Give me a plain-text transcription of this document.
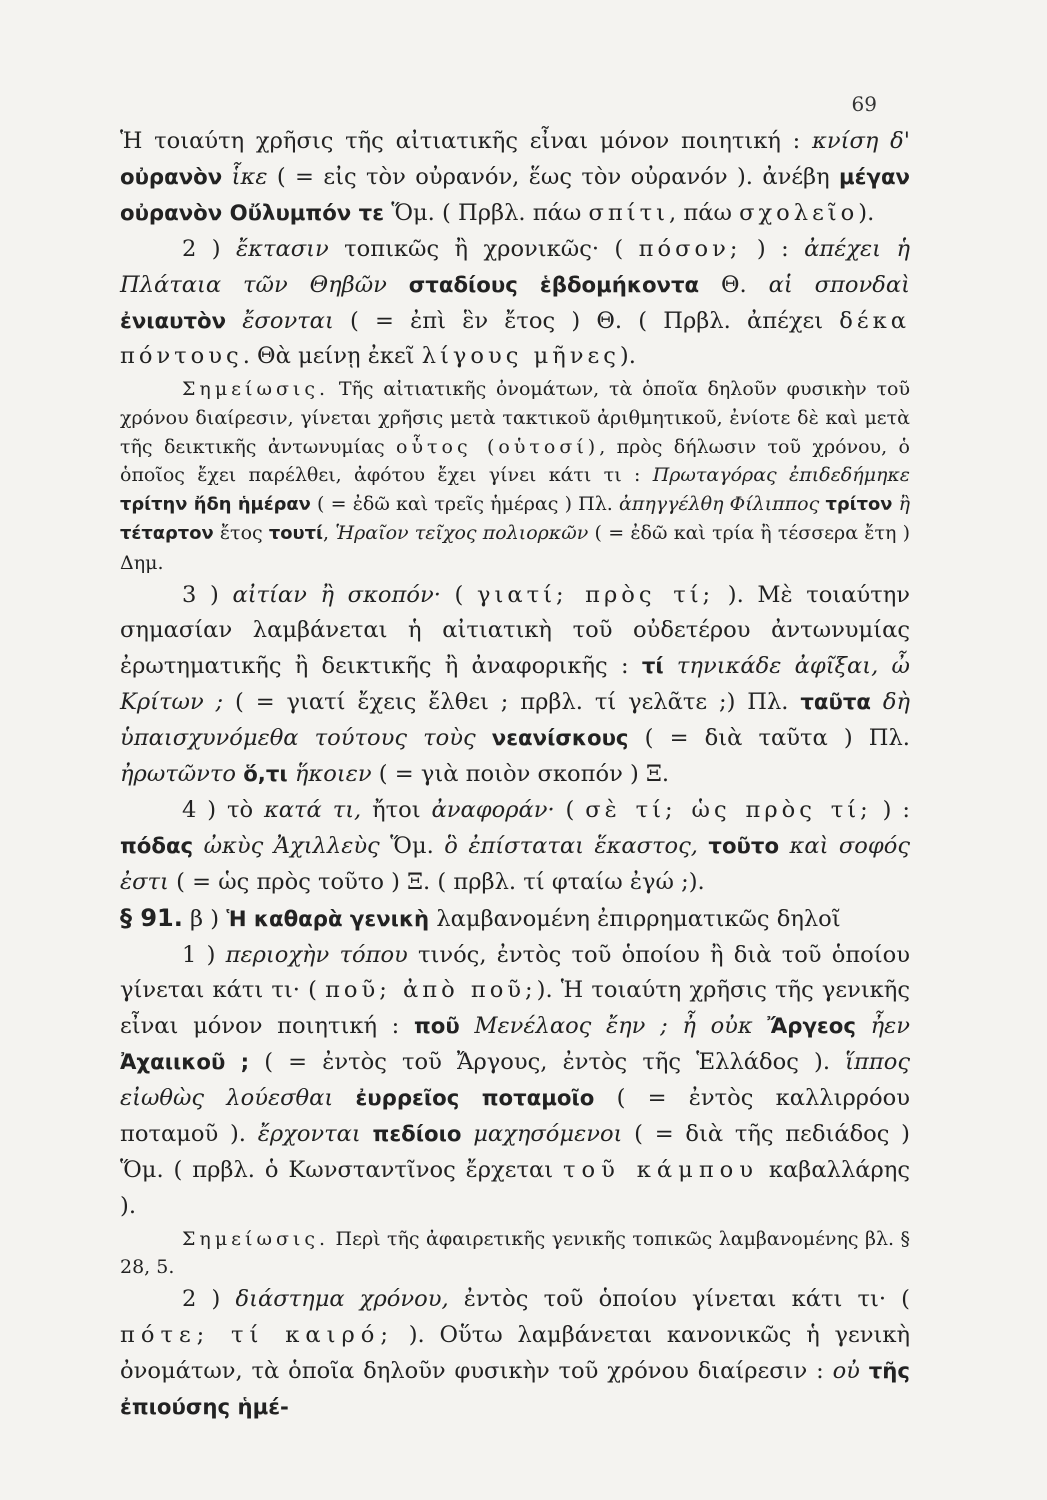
69

Ἡ τοιαύτη χρῆσις τῆς αἰτιατικῆς εἶναι μόνον ποιητική : κνίση δ' οὐρανὸν ἷκε ( = εἰς τὸν οὐρανόν, ἕως τὸν οὐρανόν ). ἀνέβη μέγαν οὐρανὸν Οὔλυμπόν τε Ὅμ. ( Πρβλ. πάω σπίτι, πάω σχολεῖο).

2 ) ἔκτασιν τοπικῶς ἢ χρονικῶς· ( πόσον; ) : ἀπέχει ἡ Πλάταια τῶν Θηβῶν σταδίους ἑβδομήκοντα Θ. αἱ σπονδαὶ ἐνιαυτὸν ἔσονται ( = ἐπὶ ἓν ἔτος ) Θ. ( Πρβλ. ἀπέχει δέκα πόντους. Θὰ μείνῃ ἐκεῖ λίγους μῆνες).

Σημείωσις. Τῆς αἰτιατικῆς ὀνομάτων, τὰ ὁποῖα δηλοῦν φυσικὴν τοῦ χρόνου διαίρεσιν, γίνεται χρῆσις μετὰ τακτικοῦ ἀριθμητικοῦ, ἐνίοτε δὲ καὶ μετὰ τῆς δεικτικῆς ἀντωνυμίας οὗτος (οὑτοσί), πρὸς δήλωσιν τοῦ χρόνου, ὁ ὁποῖος ἔχει παρέλθει, ἀφότου ἔχει γίνει κάτι τι : Πρωταγόρας ἐπιδεδήμηκε τρίτην ἤδη ἡμέραν ( = ἐδῶ καὶ τρεῖς ἡμέρας ) Πλ. ἀπηγγέλθη Φίλιππος τρίτον ἢ τέταρτον ἔτος τουτί, Ἡραῖον τεῖχος πολιορκῶν ( = ἐδῶ καὶ τρία ἢ τέσσερα ἔτη ) Δημ.

3 ) αἰτίαν ἢ σκοπόν· ( γιατί; πρὸς τί; ). Μὲ τοιαύτην σημασίαν λαμβάνεται ἡ αἰτιατικὴ τοῦ οὐδετέρου ἀντωνυμίας ἐρωτηματικῆς ἢ δεικτικῆς ἢ ἀναφορικῆς : τί τηνικάδε ἀφῖξαι, ὦ Κρίτων ; ( = γιατί ἔχεις ἔλθει ; πρβλ. τί γελᾶτε ;) Πλ. ταῦτα δὴ ὑπαισχυνόμεθα τούτους τοὺς νεανίσκους ( = διὰ ταῦτα ) Πλ. ἠρωτῶντο ὅ,τι ἥκοιεν ( = γιὰ ποιὸν σκοπόν ) Ξ.

4 ) τὸ κατά τι, ἤτοι ἀναφοράν· ( σὲ τί; ὡς πρὸς τί; ) : πόδας ὠκὺς Ἀχιλλεὺς Ὅμ. ὃ ἐπίσταται ἕκαστος, τοῦτο καὶ σοφός ἐστι ( = ὡς πρὸς τοῦτο ) Ξ. ( πρβλ. τί φταίω ἐγώ ;).

§ 91. β ) Ἡ καθαρὰ γενικὴ λαμβανομένη ἐπιρρηματικῶς δηλοῖ

1 ) περιοχὴν τόπου τινός, ἐντὸς τοῦ ὁποίου ἢ διὰ τοῦ ὁποίου γίνεται κάτι τι· ( ποῦ; ἀπὸ ποῦ;). Ἡ τοιαύτη χρῆσις τῆς γενικῆς εἶναι μόνον ποιητική : ποῦ Μενέλαος ἔην ; ἦ οὐκ Ἄργεος ἦεν Ἀχαιικοῦ ; ( = ἐντὸς τοῦ Ἄργους, ἐντὸς τῆς Ἑλλάδος ). ἵππος εἰωθὼς λούεσθαι ἐυρρεῖος ποταμοῖο ( = ἐντὸς καλλιρρόου ποταμοῦ ). ἔρχονται πεδίοιο μαχησόμενοι ( = διὰ τῆς πεδιάδος ) Ὅμ. ( πρβλ. ὁ Κωνσταντῖνος ἔρχεται τοῦ κάμπου καβαλλάρης ).

Σημείωσις. Περὶ τῆς ἀφαιρετικῆς γενικῆς τοπικῶς λαμβανομένης βλ. § 28, 5.

2 ) διάστημα χρόνου, ἐντὸς τοῦ ὁποίου γίνεται κάτι τι· ( πότε; τί καιρό; ). Οὕτω λαμβάνεται κανονικῶς ἡ γενικὴ ὀνομάτων, τὰ ὁποῖα δηλοῦν φυσικὴν τοῦ χρόνου διαίρεσιν : οὐ τῆς ἐπιούσης ἡμέ-
